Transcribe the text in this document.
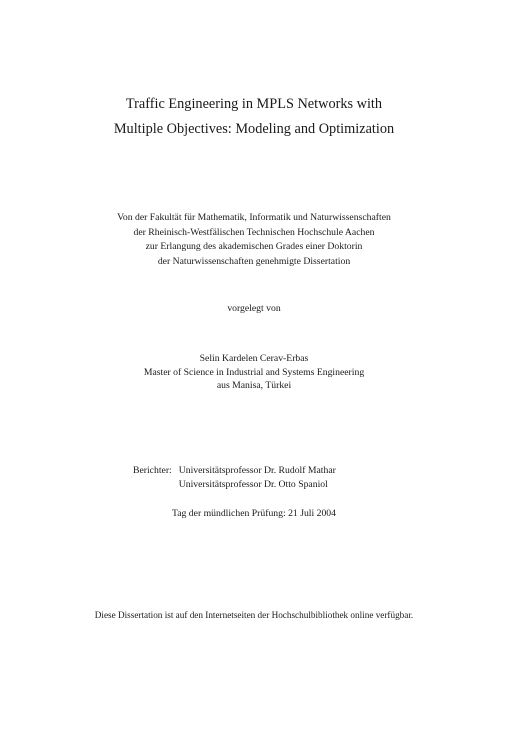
Traffic Engineering in MPLS Networks with
Multiple Objectives: Modeling and Optimization
Von der Fakultät für Mathematik, Informatik und Naturwissenschaften
der Rheinisch-Westfälischen Technischen Hochschule Aachen
zur Erlangung des akademischen Grades einer Doktorin
der Naturwissenschaften genehmigte Dissertation
vorgelegt von
Selin Kardelen Cerav-Erbas
Master of Science in Industrial and Systems Engineering
aus Manisa, Türkei
Berichter: Universitätsprofessor Dr. Rudolf Mathar
Universitätsprofessor Dr. Otto Spaniol
Tag der mündlichen Prüfung: 21 Juli 2004
Diese Dissertation ist auf den Internetseiten der Hochschulbibliothek online verfügbar.
